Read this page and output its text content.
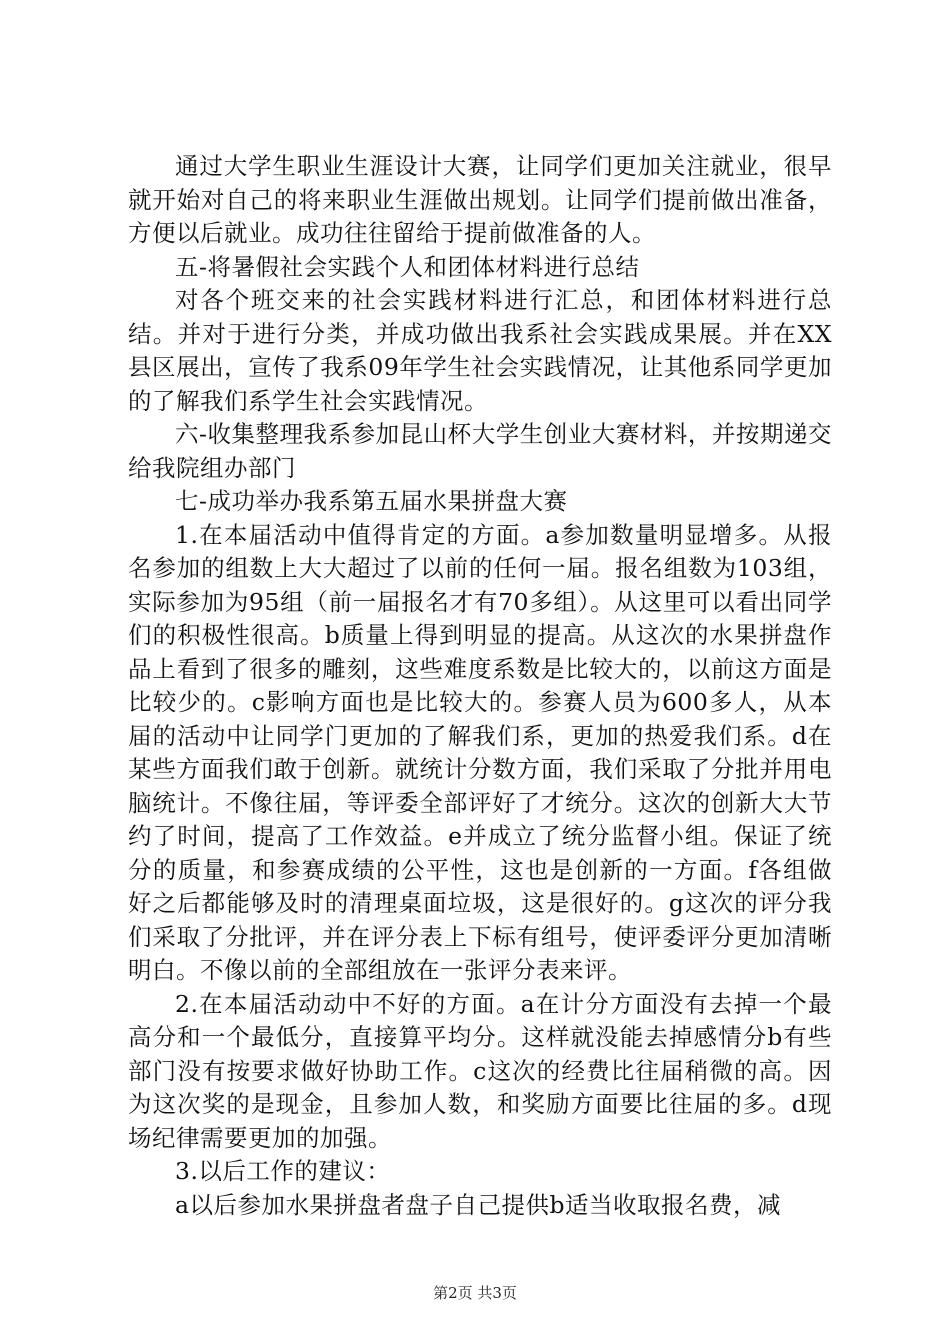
通过大学生职业生涯设计大赛，让同学们更加关注就业，很早就开始对自己的将来职业生涯做出规划。让同学们提前做出准备，方便以后就业。成功往往留给于提前做准备的人。

五-将暑假社会实践个人和团体材料进行总结

对各个班交来的社会实践材料进行汇总，和团体材料进行总结。并对于进行分类，并成功做出我系社会实践成果展。并在XX县区展出，宣传了我系09年学生社会实践情况，让其他系同学更加的了解我们系学生社会实践情况。

六-收集整理我系参加昆山杯大学生创业大赛材料，并按期递交给我院组办部门

七-成功举办我系第五届水果拼盘大赛

1.在本届活动中值得肯定的方面。a参加数量明显增多。从报名参加的组数上大大超过了以前的任何一届。报名组数为103组，实际参加为95组（前一届报名才有70多组）。从这里可以看出同学们的积极性很高。b质量上得到明显的提高。从这次的水果拼盘作品上看到了很多的雕刻，这些难度系数是比较大的，以前这方面是比较少的。c影响方面也是比较大的。参赛人员为600多人，从本届的活动中让同学门更加的了解我们系，更加的热爱我们系。d在某些方面我们敢于创新。就统计分数方面，我们采取了分批并用电脑统计。不像往届，等评委全部评好了才统分。这次的创新大大节约了时间，提高了工作效益。e并成立了统分监督小组。保证了统分的质量，和参赛成绩的公平性，这也是创新的一方面。f各组做好之后都能够及时的清理桌面垃圾，这是很好的。g这次的评分我们采取了分批评，并在评分表上下标有组号，使评委评分更加清晰明白。不像以前的全部组放在一张评分表来评。

2.在本届活动动中不好的方面。a在计分方面没有去掉一个最高分和一个最低分，直接算平均分。这样就没能去掉感情分b有些部门没有按要求做好协助工作。c这次的经费比往届稍微的高。因为这次奖的是现金，且参加人数，和奖励方面要比往届的多。d现场纪律需要更加的加强。

3.以后工作的建议：

a以后参加水果拼盘者盘子自己提供b适当收取报名费，减

第2页 共3页
